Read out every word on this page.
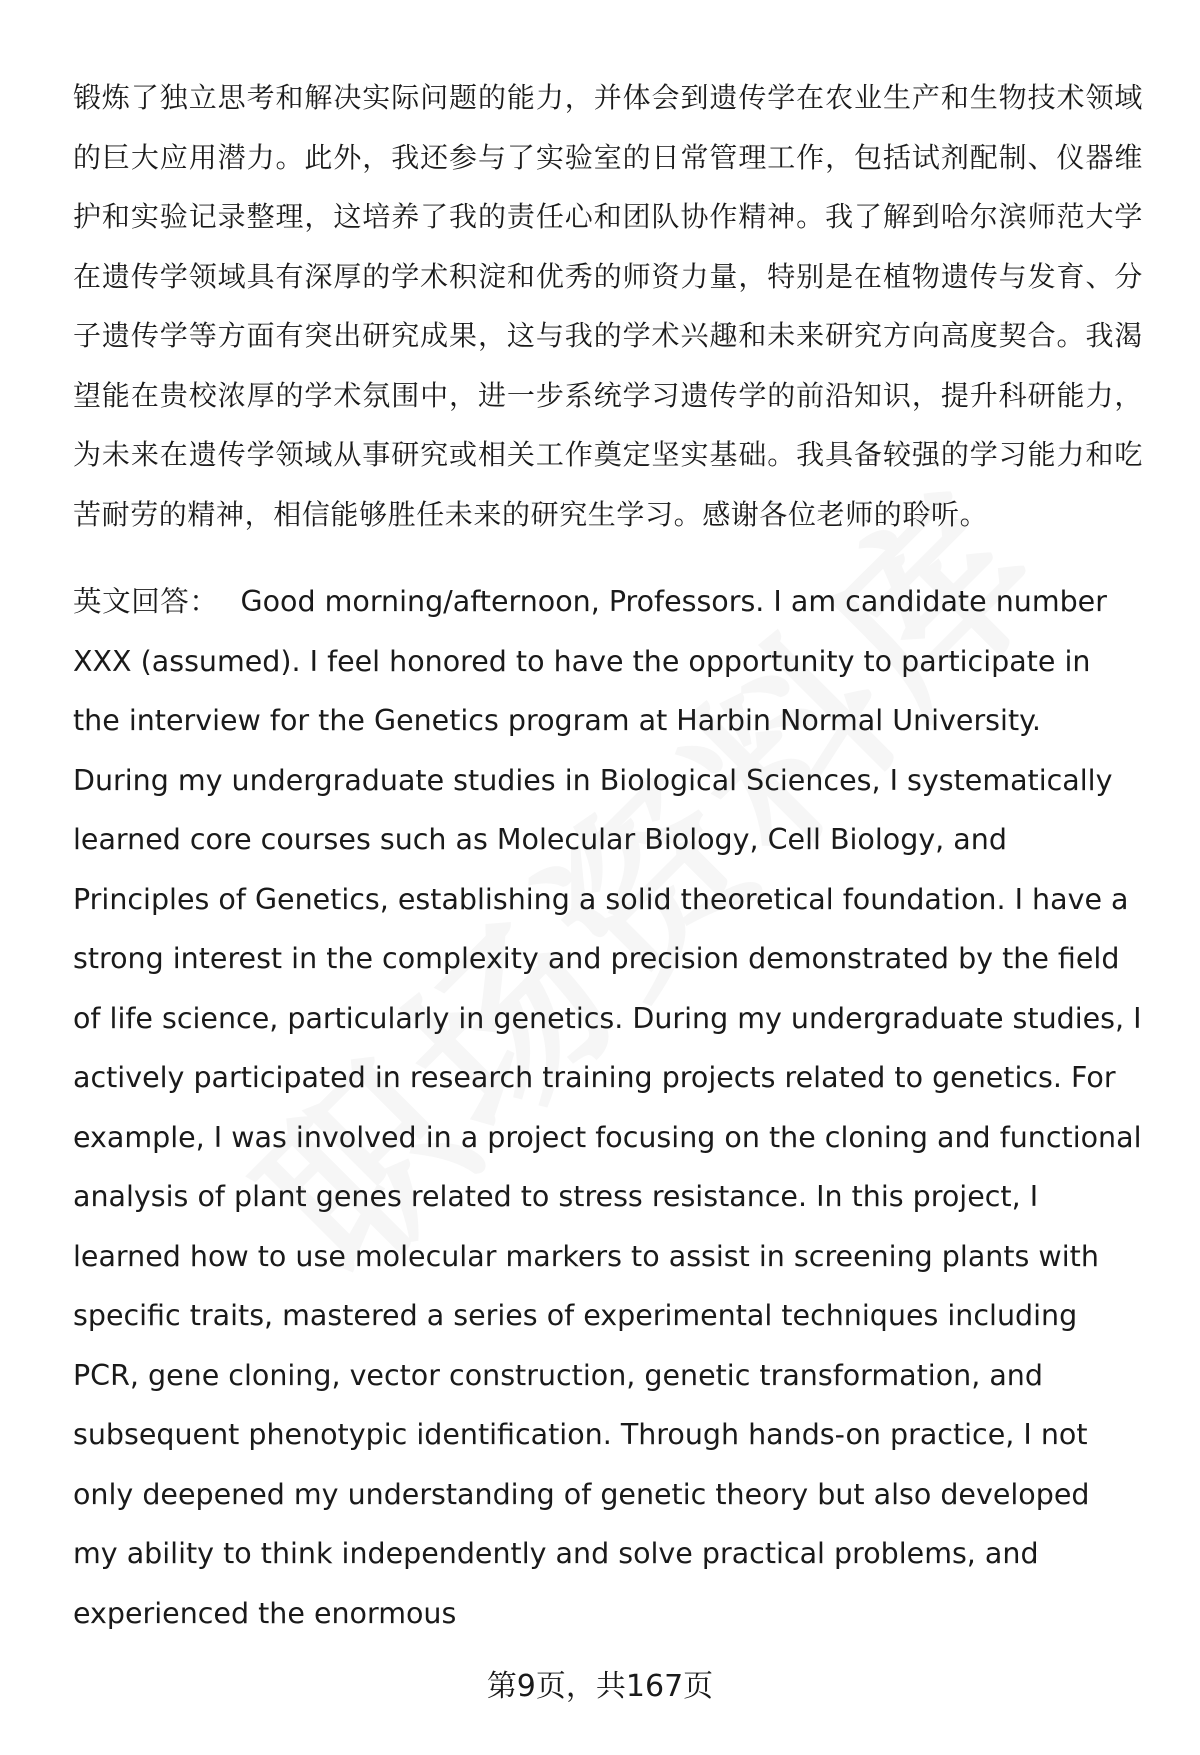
锻炼了独立思考和解决实际问题的能力，并体会到遗传学在农业生产和生物技术领域的巨大应用潜力。此外，我还参与了实验室的日常管理工作，包括试剂配制、仪器维护和实验记录整理，这培养了我的责任心和团队协作精神。我了解到哈尔滨师范大学在遗传学领域具有深厚的学术积淀和优秀的师资力量，特别是在植物遗传与发育、分子遗传学等方面有突出研究成果，这与我的学术兴趣和未来研究方向高度契合。我渴望能在贵校浓厚的学术氛围中，进一步系统学习遗传学的前沿知识，提升科研能力，为未来在遗传学领域从事研究或相关工作奠定坚实基础。我具备较强的学习能力和吃苦耐劳的精神，相信能够胜任未来的研究生学习。感谢各位老师的聆听。

英文回答： Good morning/afternoon, Professors. I am candidate number XXX (assumed). I feel honored to have the opportunity to participate in the interview for the Genetics program at Harbin Normal University. During my undergraduate studies in Biological Sciences, I systematically learned core courses such as Molecular Biology, Cell Biology, and Principles of Genetics, establishing a solid theoretical foundation. I have a strong interest in the complexity and precision demonstrated by the field of life science, particularly in genetics. During my undergraduate studies, I actively participated in research training projects related to genetics. For example, I was involved in a project focusing on the cloning and functional analysis of plant genes related to stress resistance. In this project, I learned how to use molecular markers to assist in screening plants with specific traits, mastered a series of experimental techniques including PCR, gene cloning, vector construction, genetic transformation, and subsequent phenotypic identification. Through hands-on practice, I not only deepened my understanding of genetic theory but also developed my ability to think independently and solve practical problems, and experienced the enormous

第9页，共167页
